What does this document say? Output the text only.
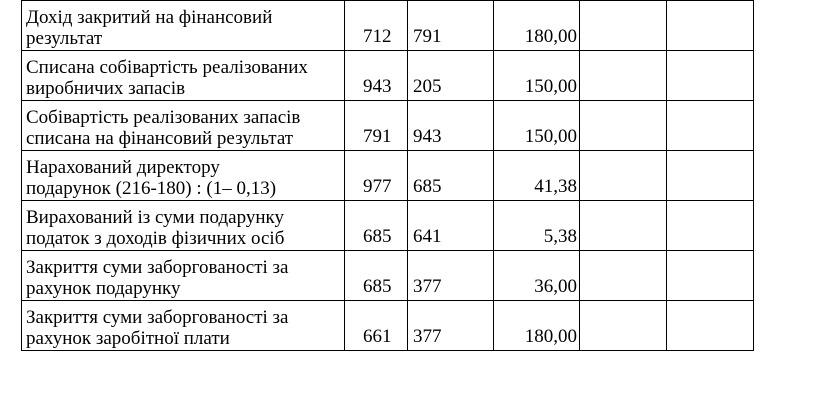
Дохід закритий на фінансовий
результат	712	791	180,00		

Списана собівартість реалізованих
виробничих запасів	943	205	150,00		

Собівартість реалізованих запасів
списана на фінансовий результат	791	943	150,00		

Нарахований директору
подарунок (216-180) : (1– 0,13)	977	685	41,38		

Вирахований із суми подарунку
податок з доходів фізичних осіб	685	641	5,38		

Закриття суми заборгованості за
рахунок подарунку	685	377	36,00		

Закриття суми заборгованості за
рахунок заробітної плати	661	377	180,00		
